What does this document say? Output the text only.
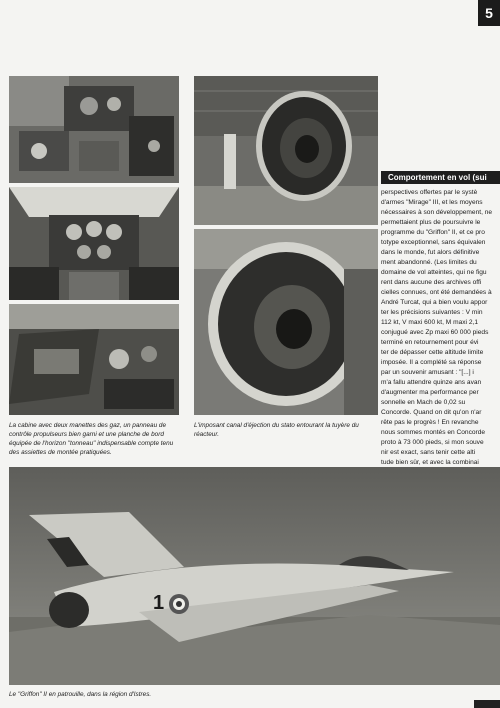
5
La cabine avec deux manettes des gaz, un panneau de contrôle propulseurs bien garni et une planche de bord équipée de l'horizon "tonneau" indispensable compte tenu des assiettes de montée pratiquées.
L'imposant canal d'éjection du stato entourant la tuyère du réacteur.
Comportement en vol (sui

perspectives offertes par le systè

d'armes "Mirage" III, et les moyens

nécessaires à son développement, ne

permettaient plus de poursuivre le

programme du "Griffon" II, et ce pro

totype exceptionnel, sans équivalen

dans le monde, fut alors définitive

ment abandonné. (Les limites du

domaine de vol atteintes, qui ne figu

rent dans aucune des archives offi

cielles connues, ont été demandées à

André Turcat, qui a bien voulu appor

ter les précisions suivantes : V min

112 kt, V maxi 600 kt, M maxi 2,1

conjugué avec Zp maxi 60 000 pieds

terminé en retournement pour évi

ter de dépasser cette altitude limite

imposée. Il a complété sa réponse

par un souvenir amusant : "[...] i

m'a fallu attendre quinze ans avan

d'augmenter ma performance per

sonnelle en Mach de 0,02 su

Concorde. Quand on dit qu'on n'ar

rête pas le progrès ! En revanche

nous sommes montés en Concorde

proto à 73 000 pieds, si mon souve

nir est exact, sans tenir cette alti

tude bien sûr, et avec la combinai

1
Le "Griffon" II en patrouille, dans la région d'Istres.
